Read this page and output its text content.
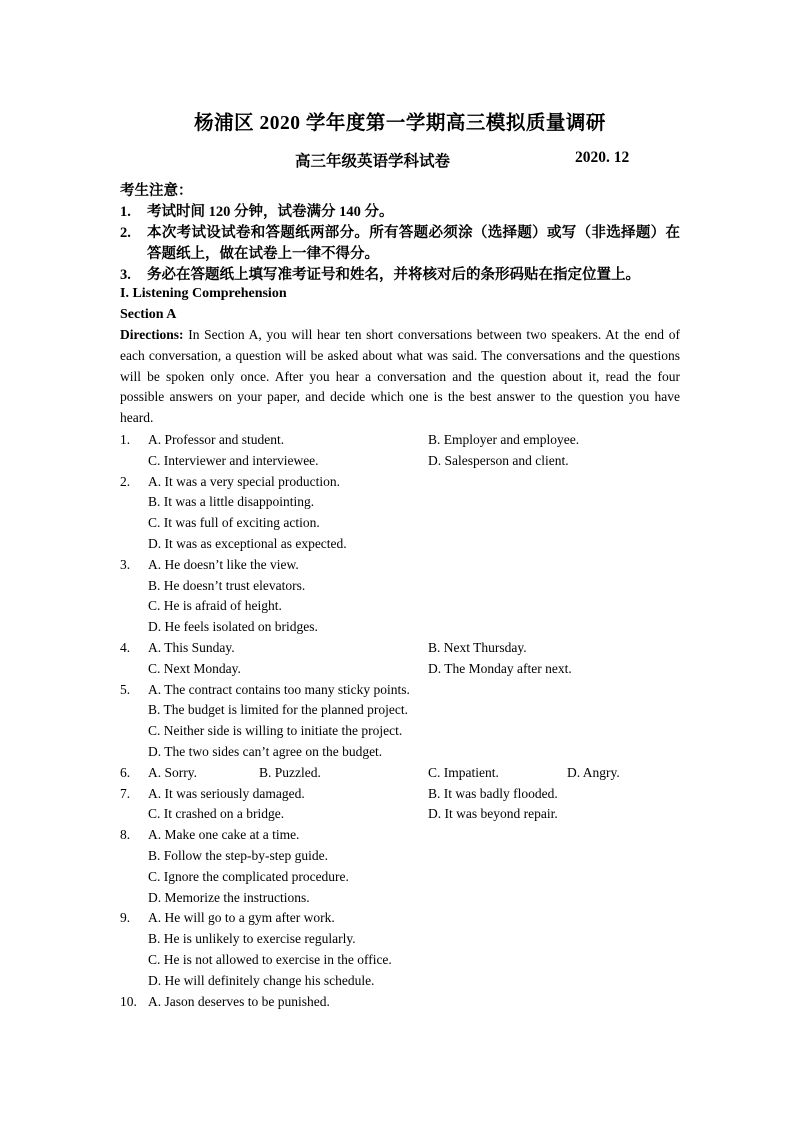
杨浦区 2020 学年度第一学期高三模拟质量调研
高三年级英语学科试卷	2020. 12
考生注意：
1.	考试时间 120 分钟，试卷满分 140 分。
2.	本次考试设试卷和答题纸两部分。所有答题必须涂（选择题）或写（非选择题）在答题纸上，做在试卷上一律不得分。
3.	务必在答题纸上填写准考证号和姓名，并将核对后的条形码贴在指定位置上。
I. Listening Comprehension
Section A

Directions: In Section A, you will hear ten short conversations between two speakers. At the end of each conversation, a question will be asked about what was said. The conversations and the questions will be spoken only once. After you hear a conversation and the question about it, read the four possible answers on your paper, and decide which one is the best answer to the question you have heard.

1. A. Professor and student.	B. Employer and employee.
C. Interviewer and interviewee.	D. Salesperson and client.
2. A. It was a very special production.
B. It was a little disappointing.
C. It was full of exciting action.
D. It was as exceptional as expected.
3. A. He doesn’t like the view.
B. He doesn’t trust elevators.
C. He is afraid of height.
D. He feels isolated on bridges.
4. A. This Sunday.	B. Next Thursday.
C. Next Monday.	D. The Monday after next.
5. A. The contract contains too many sticky points.
B. The budget is limited for the planned project.
C. Neither side is willing to initiate the project.
D. The two sides can’t agree on the budget.
6. A. Sorry.	B. Puzzled.	C. Impatient.	D. Angry.
7. A. It was seriously damaged.	B. It was badly flooded.
C. It crashed on a bridge.	D. It was beyond repair.
8. A. Make one cake at a time.
B. Follow the step-by-step guide.
C. Ignore the complicated procedure.
D. Memorize the instructions.
9. A. He will go to a gym after work.
B. He is unlikely to exercise regularly.
C. He is not allowed to exercise in the office.
D. He will definitely change his schedule.
10. A. Jason deserves to be punished.
